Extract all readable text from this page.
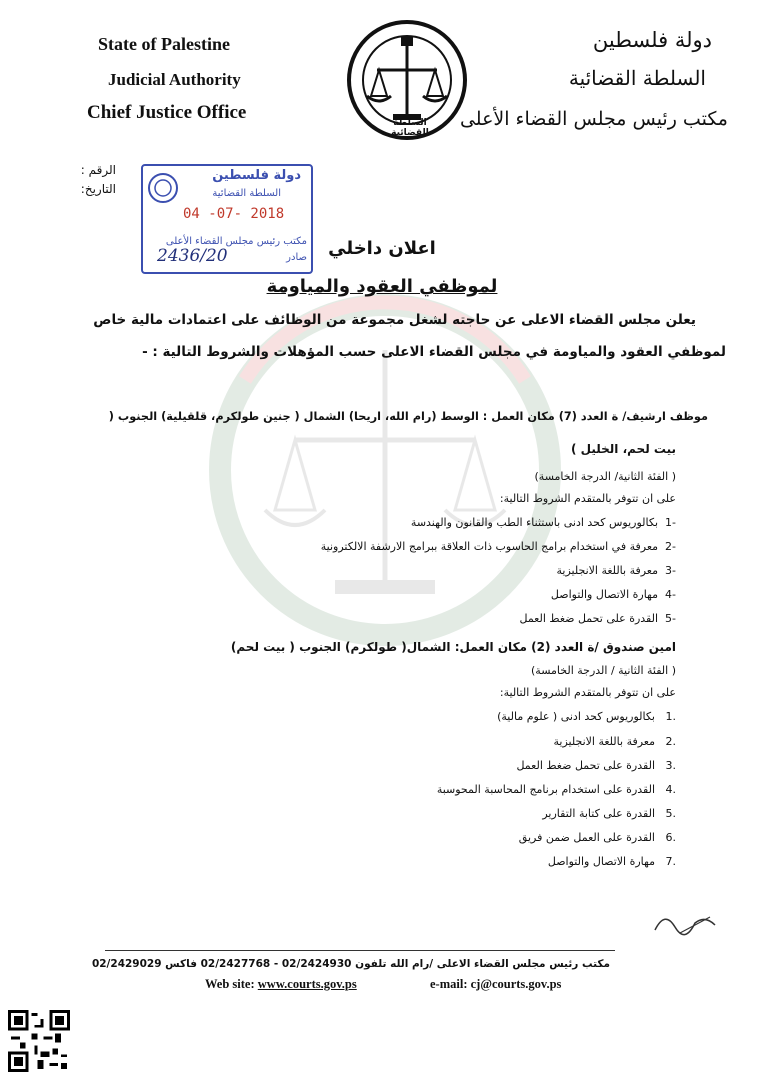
State of Palestine
Judicial Authority
Chief Justice Office	السلطة القضائية
دولة فلسطين
السلطة القضائية
مكتب رئيس مجلس القضاء الأعلى
الرقم :
التاريخ:
دولة فلسطين
السلطة القضائية
04 -07- 2018
مكتب رئيس مجلس القضاء الأعلى
صادر
2436/20	اعلان داخلي
لموظفي العقود والمياومة
يعلن مجلس القضاء الاعلى عن حاجته لشغل مجموعة من الوظائف على اعتمادات مالية خاص
لموظفي العقود والمياومة في مجلس القضاء الاعلى حسب المؤهلات والشروط التالية : -
موظف ارشيف/ ة العدد (7) مكان العمل : الوسط (رام الله، اريحا) الشمال ( جنين طولكرم، قلقيلية) الجنوب (
بيت لحم، الخليل )
( الفئة الثانية/ الدرجة الخامسة)
على ان تتوفر بالمتقدم الشروط التالية:
-1  بكالوريوس كحد ادنى باستثناء الطب والقانون والهندسة
-2  معرفة في استخدام برامج الحاسوب ذات العلاقة ببرامج الارشفة الالكترونية
-3  معرفة باللغة الانجليزية
-4  مهارة الاتصال والتواصل
-5  القدرة على تحمل ضغط العمل
امين صندوق /ة العدد (2) مكان العمل: الشمال( طولكرم) الجنوب ( بيت لحم)
( الفئة الثانية / الدرجة الخامسة)
على ان تتوفر بالمتقدم الشروط التالية:
.1   بكالوريوس كحد ادنى ( علوم مالية)
.2   معرفة باللغة الانجليزية
.3   القدرة على تحمل ضغط العمل
.4   القدرة على استخدام برنامج المحاسبة المحوسبة
.5   القدرة على كتابة التقارير
.6   القدرة على العمل ضمن فريق
.7   مهارة الاتصال والتواصل
مكتب رئيس مجلس القضاء الاعلى /رام الله تلفون 02/2424930 - 02/2427768 فاكس 02/2429029
Web site: www.courts.gov.ps	e-mail: cj@courts.gov.ps
